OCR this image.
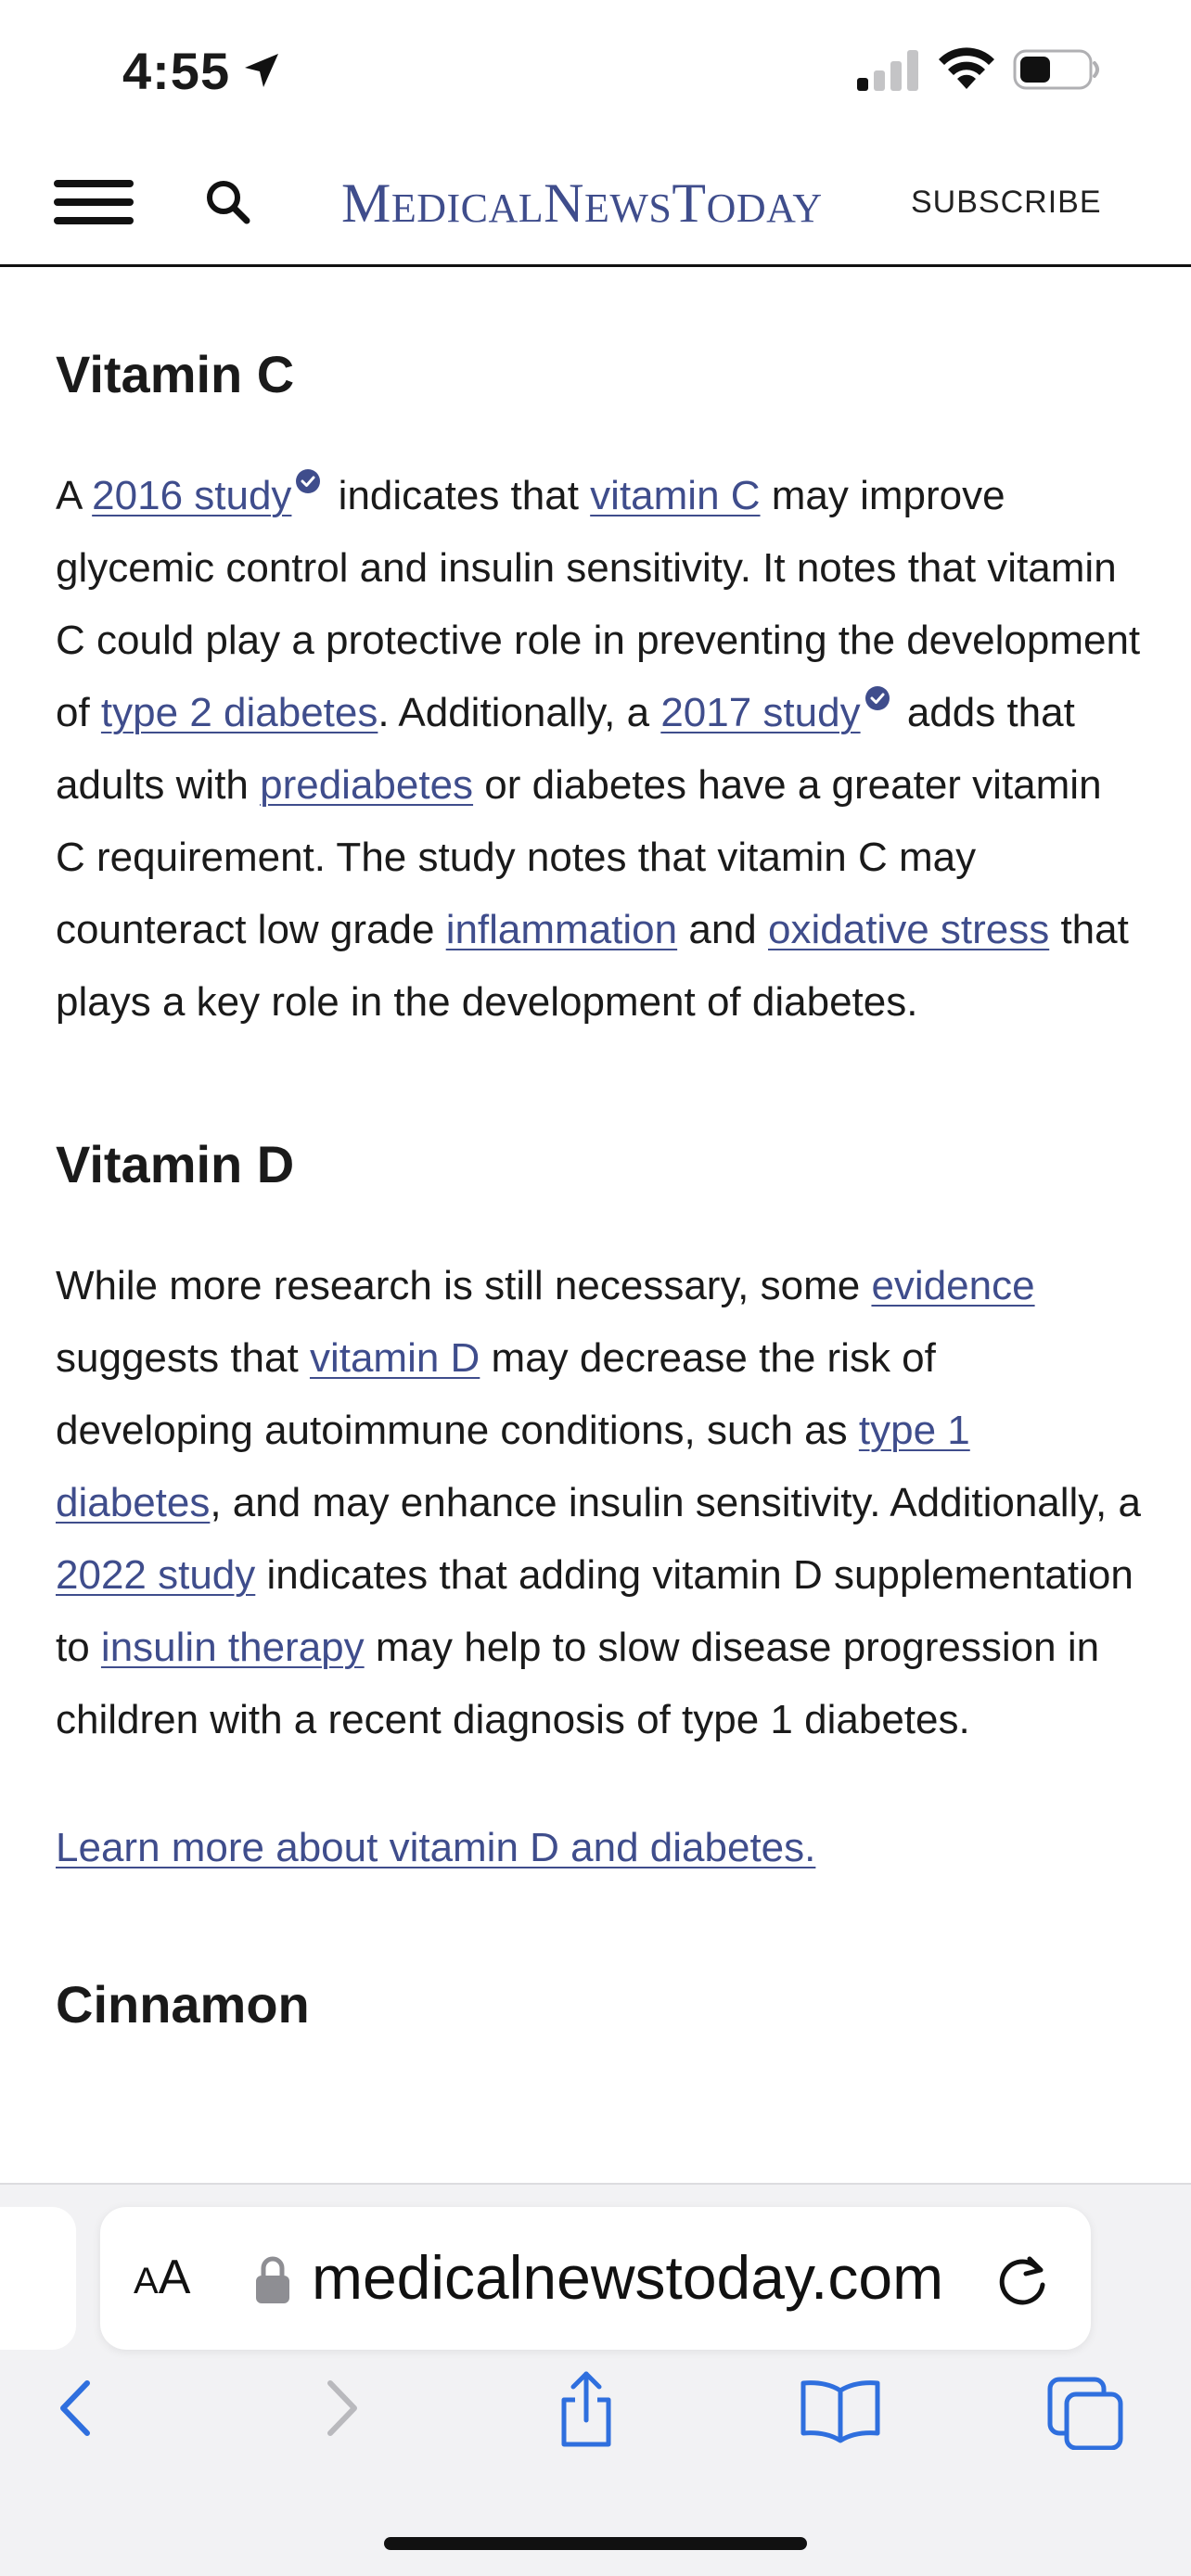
4:55
MEDICALNEWSTODAY	SUBSCRIBE
Vitamin C

A 2016 study indicates that vitamin C may improve glycemic control and insulin sensitivity. It notes that vitamin C could play a protective role in preventing the development of type 2 diabetes. Additionally, a 2017 study adds that adults with prediabetes or diabetes have a greater vitamin C requirement. The study notes that vitamin C may counteract low grade inflammation and oxidative stress that plays a key role in the development of diabetes.

Vitamin D

While more research is still necessary, some evidence suggests that vitamin D may decrease the risk of developing autoimmune conditions, such as type 1 diabetes, and may enhance insulin sensitivity. Additionally, a 2022 study indicates that adding vitamin D supplementation to insulin therapy may help to slow disease progression in children with a recent diagnosis of type 1 diabetes.

Learn more about vitamin D and diabetes.

Cinnamon
AA medicalnewstoday.com
